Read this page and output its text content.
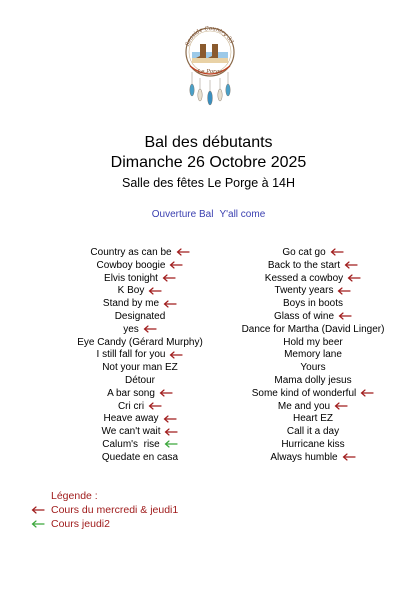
Seaside Country 33
Le Porge
Bal des débutants
Dimanche 26 Octobre 2025
Salle des fêtes Le Porge à 14H
Ouverture Bal Y'all come
Country as can be
Cowboy boogie
Elvis tonight
K Boy
Stand by me
Designated
yes
Eye Candy (Gérard Murphy)
I still fall for you
Not your man EZ
Détour
A bar song
Cri cri
Heave away
We can't wait
Calum's  rise
Quedate en casa
Go cat go
Back to the start
Kessed a cowboy
Twenty years
Boys in boots
Glass of wine
Dance for Martha (David Linger)
Hold my beer
Memory lane
Yours
Mama dolly jesus
Some kind of wonderful
Me and you
Heart EZ
Call it a day
Hurricane kiss
Always humble
Légende :
Cours du mercredi & jeudi1
Cours jeudi2
